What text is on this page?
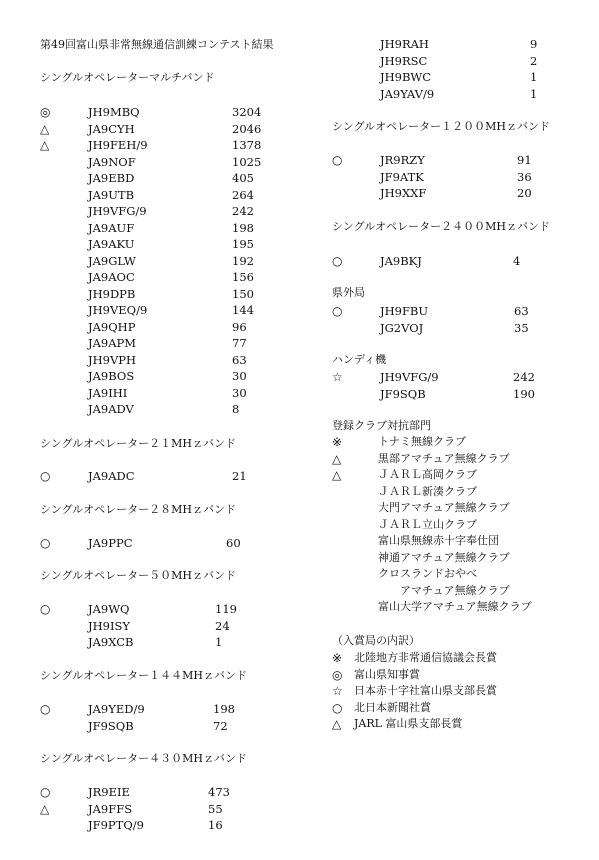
第49回富山県非常無線通信訓練コンテスト結果
シングルオペレーターマルチバンド
◎	JH9MBQ	3204
△	JA9CYH	2046
△	JH9FEH/9	1378
JA9NOF	1025
JA9EBD	405
JA9UTB	264
JH9VFG/9	242
JA9AUF	198
JA9AKU	195
JA9GLW	192
JA9AOC	156
JH9DPB	150
JH9VEQ/9	144
JA9QHP	96
JA9APM	77
JH9VPH	63
JA9BOS	30
JA9IHI	30
JA9ADV	8
シングルオペレーター２１MHｚバンド
○	JA9ADC	21
シングルオペレーター２８MHｚバンド
○	JA9PPC	60
シングルオペレーター５０MHｚバンド
○	JA9WQ	119
JH9ISY	24
JA9XCB	1
シングルオペレーター１４４MHｚバンド
○	JA9YED/9	198
JF9SQB	72
シングルオペレーター４３０MHｚバンド
○	JR9EIE	473
△	JA9FFS	55
JF9PTQ/9	16
JH9RAH	9
JH9RSC	2
JH9BWC	1
JA9YAV/9	1
シングルオペレーター１２００MHｚバンド
○	JR9RZY	91
JF9ATK	36
JH9XXF	20
シングルオペレーター２４００MHｚバンド
○	JA9BKJ	4
県外局
○	JH9FBU	63
JG2VOJ	35
ハンディ機
☆	JH9VFG/9	242
JF9SQB	190
登録クラブ対抗部門
※	トナミ無線クラブ
△	黒部アマチュア無線クラブ
△	ＪＡＲＬ高岡クラブ
ＪＡＲＬ新湊クラブ
大門アマチュア無線クラブ
ＪＡＲＬ立山クラブ
富山県無線赤十字奉仕団
神通アマチュア無線クラブ
クロスランドおやべ
アマチュア無線クラブ
富山大学アマチュア無線クラブ
（入賞局の内訳）
※ 北陸地方非常通信協議会長賞
◎ 富山県知事賞
☆ 日本赤十字社富山県支部長賞
○ 北日本新聞社賞
△ JARL 富山県支部長賞
